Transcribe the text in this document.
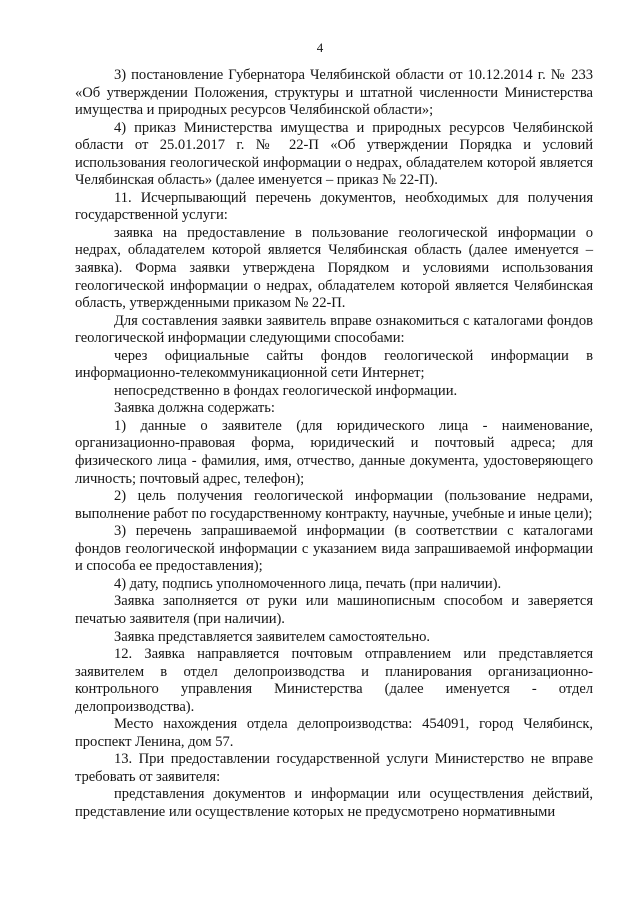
4

3) постановление Губернатора Челябинской области от 10.12.2014 г. № 233 «Об утверждении Положения, структуры и штатной численности Министерства имущества и природных ресурсов Челябинской области»;

4) приказ Министерства имущества и природных ресурсов Челябинской области от 25.01.2017 г. № 22-П «Об утверждении Порядка и условий использования геологической информации о недрах, обладателем которой является Челябинская область» (далее именуется – приказ № 22-П).

11. Исчерпывающий перечень документов, необходимых для получения государственной услуги:

заявка на предоставление в пользование геологической информации о недрах, обладателем которой является Челябинская область (далее именуется – заявка). Форма заявки утверждена Порядком и условиями использования геологической информации о недрах, обладателем которой является Челябинская область, утвержденными приказом № 22-П.

Для составления заявки заявитель вправе ознакомиться с каталогами фондов геологической информации следующими способами:

через официальные сайты фондов геологической информации в информационно-телекоммуникационной сети Интернет;

непосредственно в фондах геологической информации.

Заявка должна содержать:

1) данные о заявителе (для юридического лица - наименование, организационно-правовая форма, юридический и почтовый адреса; для физического лица - фамилия, имя, отчество, данные документа, удостоверяющего личность; почтовый адрес, телефон);

2) цель получения геологической информации (пользование недрами, выполнение работ по государственному контракту, научные, учебные и иные цели);

3) перечень запрашиваемой информации (в соответствии с каталогами фондов геологической информации с указанием вида запрашиваемой информации и способа ее предоставления);

4) дату, подпись уполномоченного лица, печать (при наличии).

Заявка заполняется от руки или машинописным способом и заверяется печатью заявителя (при наличии).

Заявка представляется заявителем самостоятельно.

12. Заявка направляется почтовым отправлением или представляется заявителем в отдел делопроизводства и планирования организационно-контрольного управления Министерства (далее именуется - отдел делопроизводства).

Место нахождения отдела делопроизводства: 454091, город Челябинск, проспект Ленина, дом 57.

13. При предоставлении государственной услуги Министерство не вправе требовать от заявителя:

представления документов и информации или осуществления действий, представление или осуществление которых не предусмотрено нормативными
